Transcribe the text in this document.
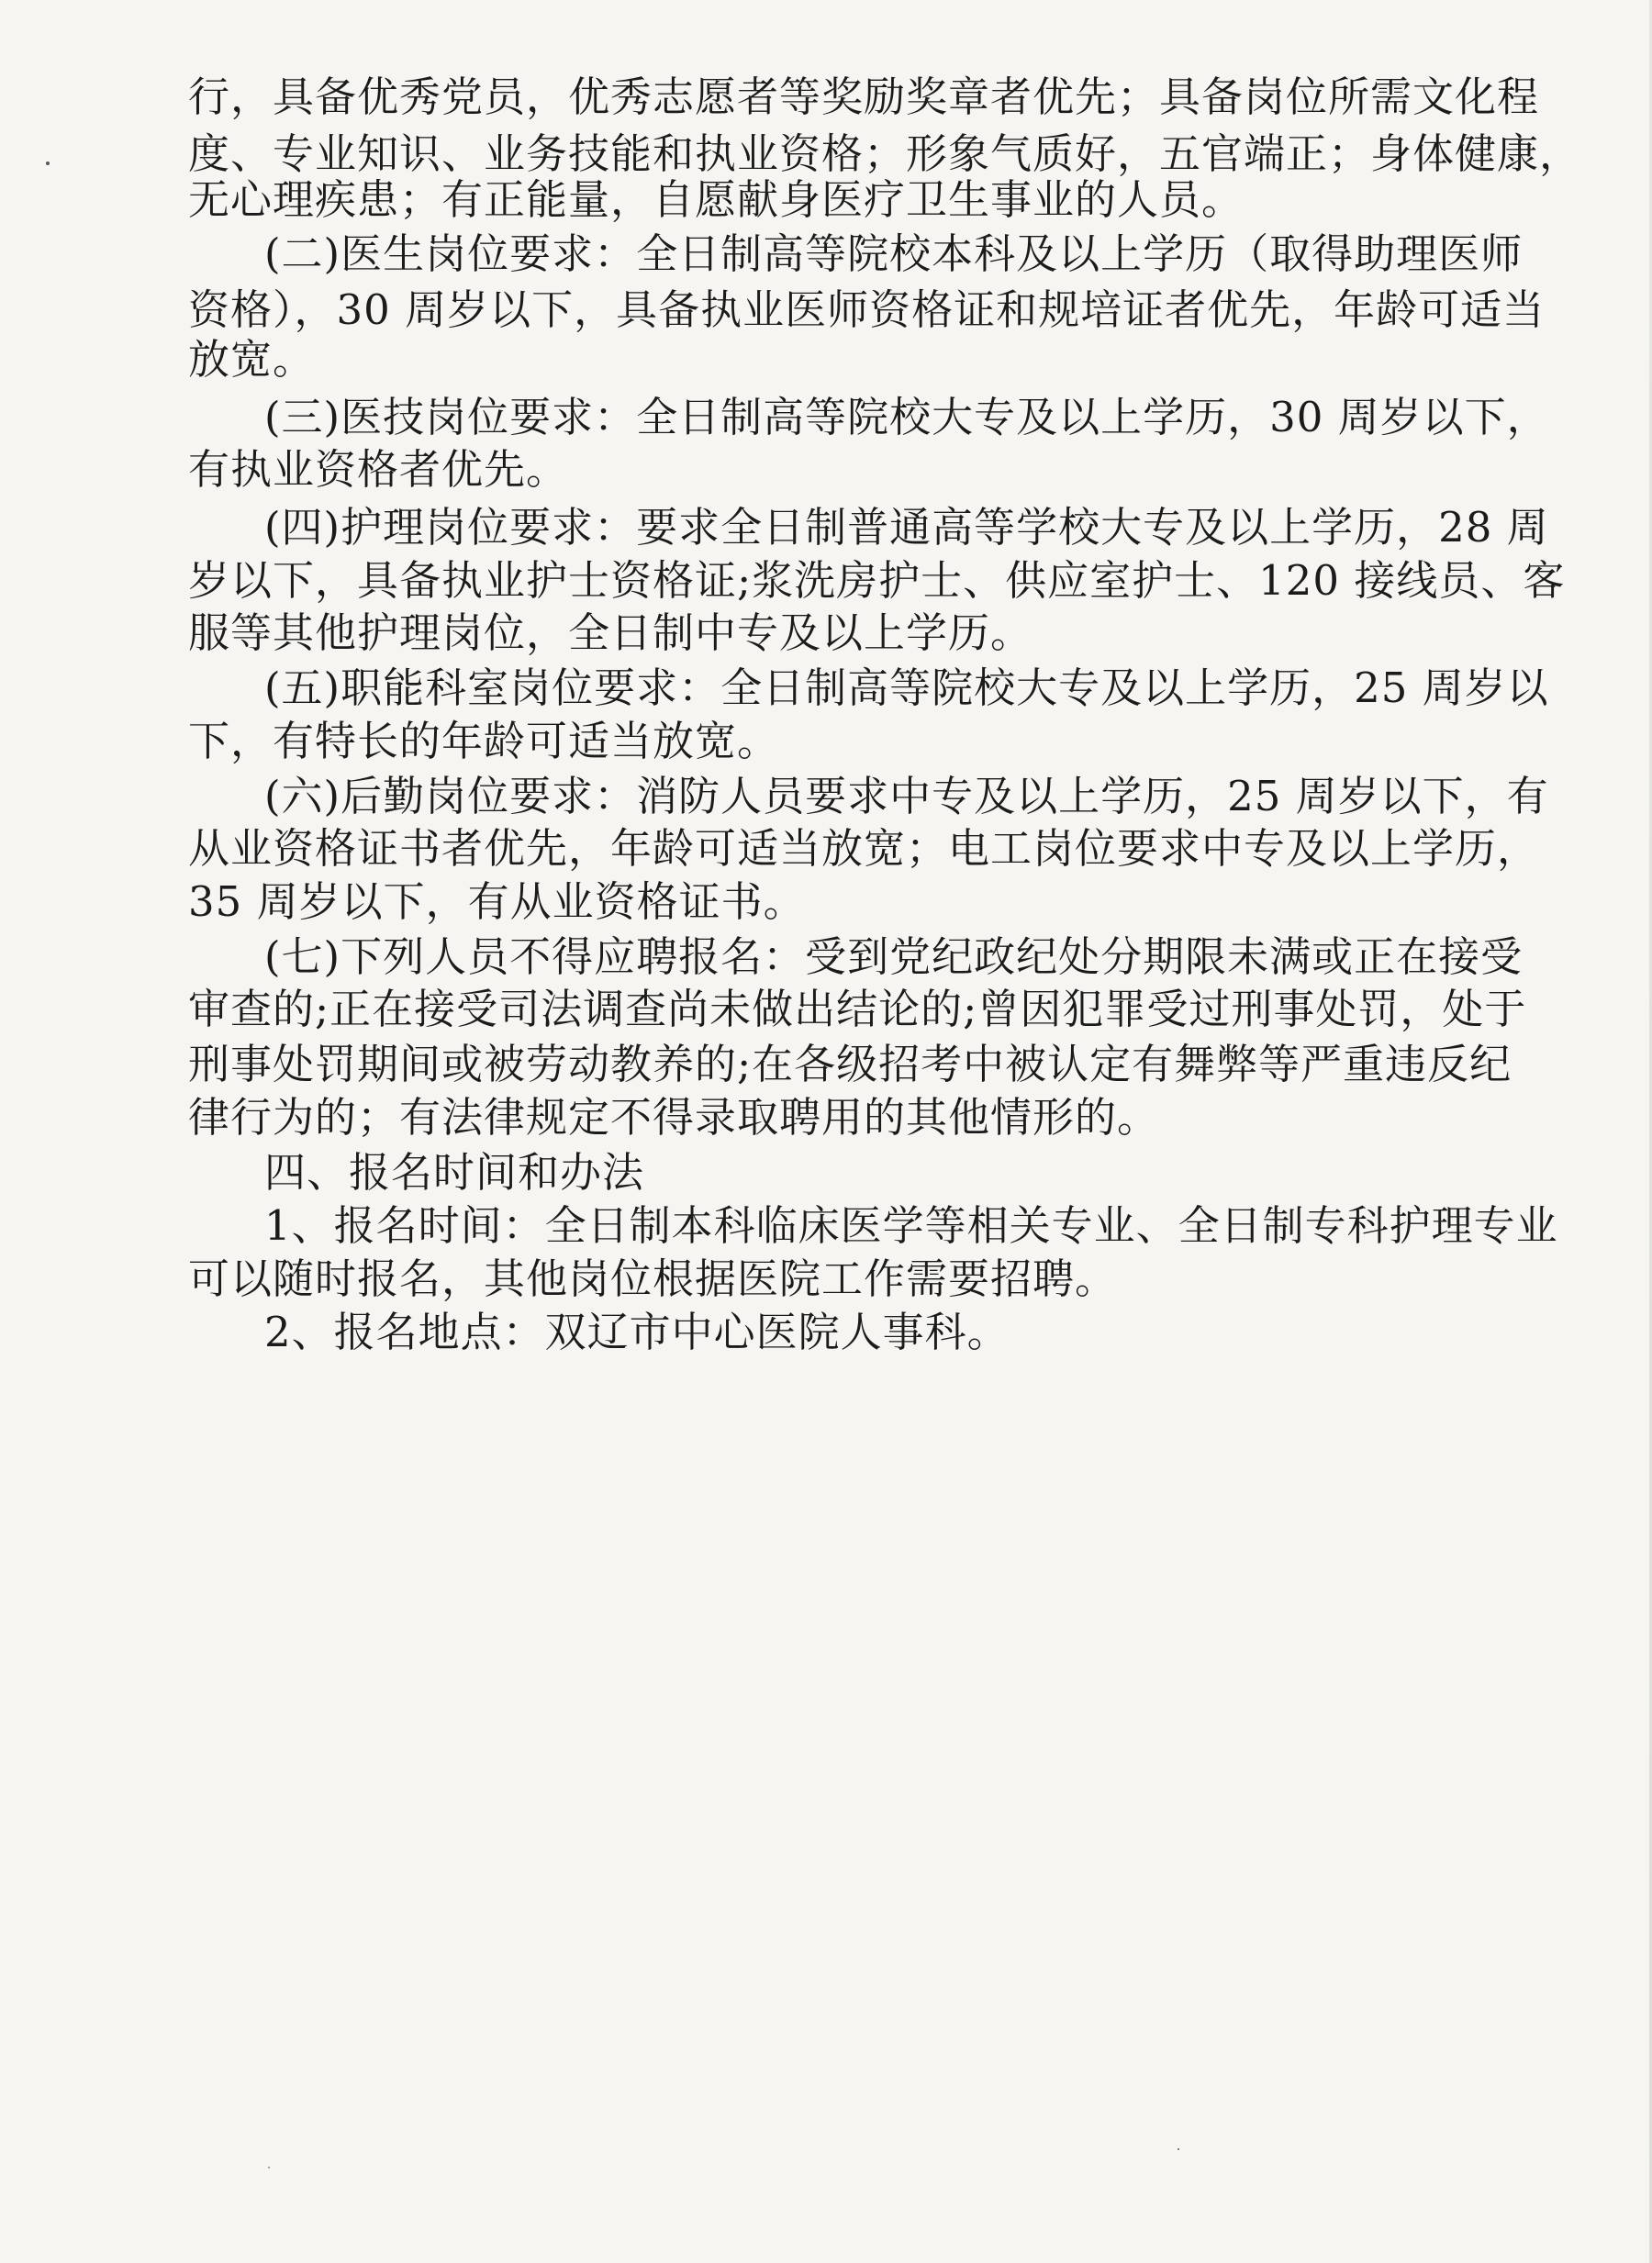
行，具备优秀党员，优秀志愿者等奖励奖章者优先；具备岗位所需文化程
度、专业知识、业务技能和执业资格；形象气质好，五官端正；身体健康，
无心理疾患；有正能量，自愿献身医疗卫生事业的人员。
(二)医生岗位要求：全日制高等院校本科及以上学历（取得助理医师
资格），30 周岁以下，具备执业医师资格证和规培证者优先，年龄可适当
放宽。
(三)医技岗位要求：全日制高等院校大专及以上学历，30 周岁以下，
有执业资格者优先。
(四)护理岗位要求：要求全日制普通高等学校大专及以上学历，28 周
岁以下，具备执业护士资格证;浆洗房护士、供应室护士、120 接线员、客
服等其他护理岗位，全日制中专及以上学历。
(五)职能科室岗位要求：全日制高等院校大专及以上学历，25 周岁以
下，有特长的年龄可适当放宽。
(六)后勤岗位要求：消防人员要求中专及以上学历，25 周岁以下，有
从业资格证书者优先，年龄可适当放宽；电工岗位要求中专及以上学历，
35 周岁以下，有从业资格证书。
(七)下列人员不得应聘报名：受到党纪政纪处分期限未满或正在接受
审查的;正在接受司法调查尚未做出结论的;曾因犯罪受过刑事处罚，处于
刑事处罚期间或被劳动教养的;在各级招考中被认定有舞弊等严重违反纪
律行为的；有法律规定不得录取聘用的其他情形的。
四、报名时间和办法
1、报名时间：全日制本科临床医学等相关专业、全日制专科护理专业
可以随时报名，其他岗位根据医院工作需要招聘。
2、报名地点：双辽市中心医院人事科。
